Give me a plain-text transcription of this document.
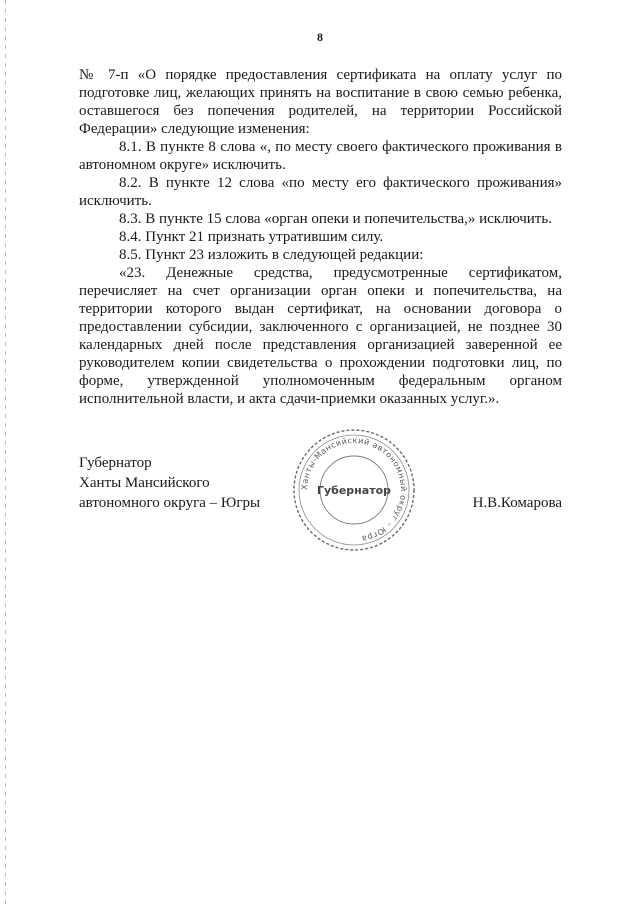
8

№ 7-п «О порядке предоставления сертификата на оплату услуг по подготовке лиц, желающих принять на воспитание в свою семью ребенка, оставшегося без попечения родителей, на территории Российской Федерации» следующие изменения:

8.1. В пункте 8 слова «, по месту своего фактического проживания в автономном округе» исключить.

8.2. В пункте 12 слова «по месту его фактического проживания» исключить.

8.3. В пункте 15 слова «орган опеки и попечительства,» исключить.

8.4. Пункт 21 признать утратившим силу.

8.5. Пункт 23 изложить в следующей редакции:

«23. Денежные средства, предусмотренные сертификатом, перечисляет на счет организации орган опеки и попечительства, на территории которого выдан сертификат, на основании договора о предоставлении субсидии, заключенного с организацией, не позднее 30 календарных дней после представления организацией заверенной ее руководителем копии свидетельства о прохождении подготовки лиц, по форме, утвержденной уполномоченным федеральным органом исполнительной власти, и акта сдачи-приемки оказанных услуг.».

Губернатор
Ханты Мансийского
автономного округа – Югры
Ханты-Мансийский автономный округ – Югра
Губернатор
Н.В.Комарова
